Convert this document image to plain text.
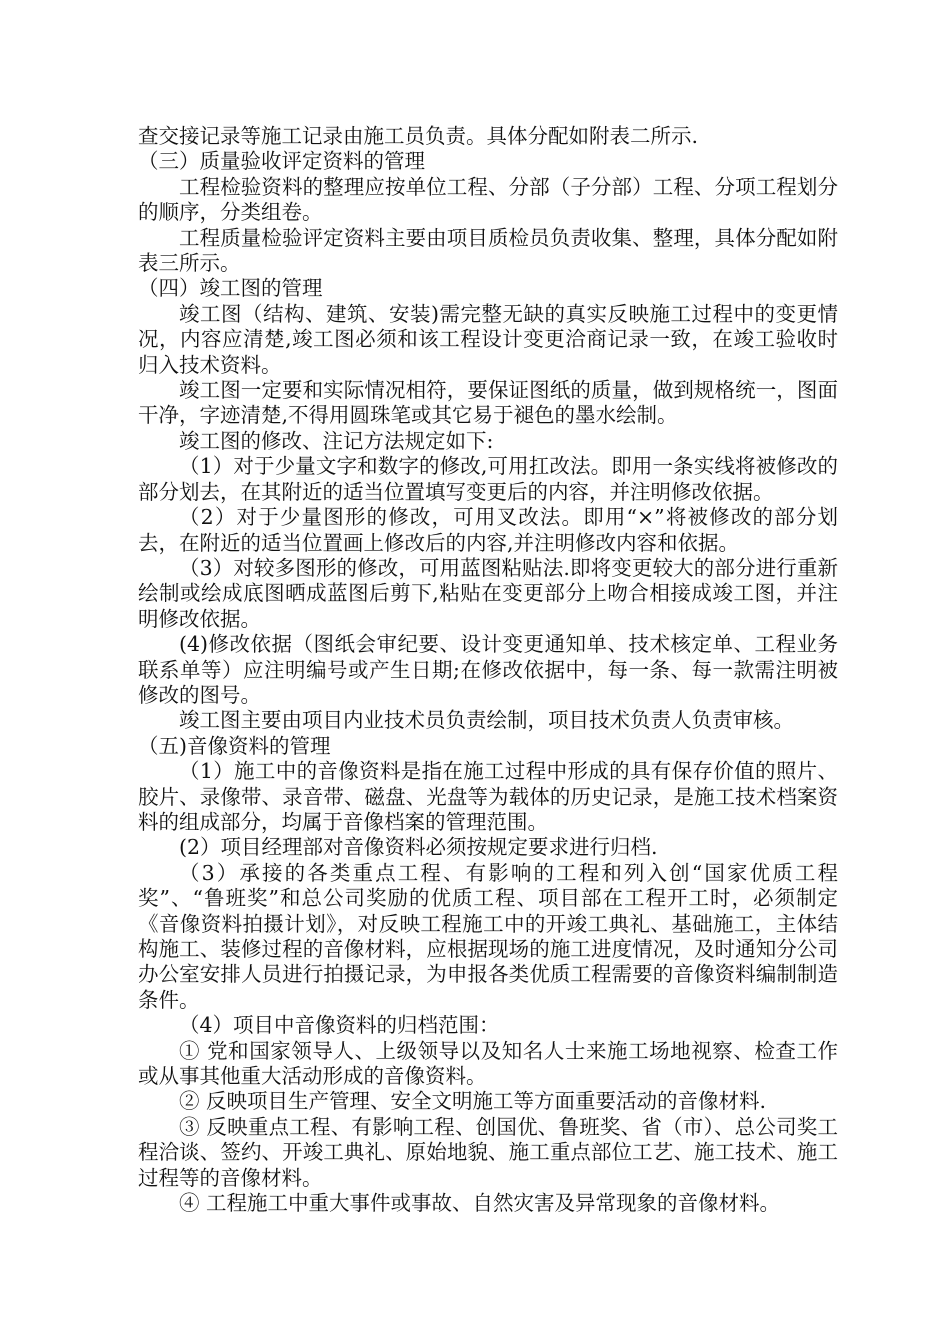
查交接记录等施工记录由施工员负责。具体分配如附表二所示.

（三）质量验收评定资料的管理

工程检验资料的整理应按单位工程、分部（子分部）工程、分项工程划分的顺序，分类组卷。

工程质量检验评定资料主要由项目质检员负责收集、整理，具体分配如附表三所示。

（四）竣工图的管理

竣工图（结构、建筑、安装)需完整无缺的真实反映施工过程中的变更情况，内容应清楚,竣工图必须和该工程设计变更洽商记录一致，在竣工验收时归入技术资料。

竣工图一定要和实际情况相符，要保证图纸的质量，做到规格统一，图面干净，字迹清楚,不得用圆珠笔或其它易于褪色的墨水绘制。

竣工图的修改、注记方法规定如下:

（1）对于少量文字和数字的修改,可用扛改法。即用一条实线将被修改的部分划去，在其附近的适当位置填写变更后的内容，并注明修改依据。

（2）对于少量图形的修改，可用叉改法。即用“×”将被修改的部分划去，在附近的适当位置画上修改后的内容,并注明修改内容和依据。

（3）对较多图形的修改，可用蓝图粘贴法.即将变更较大的部分进行重新绘制或绘成底图晒成蓝图后剪下,粘贴在变更部分上吻合相接成竣工图，并注明修改依据。

(4)修改依据（图纸会审纪要、设计变更通知单、技术核定单、工程业务联系单等）应注明编号或产生日期;在修改依据中，每一条、每一款需注明被修改的图号。

竣工图主要由项目内业技术员负责绘制，项目技术负责人负责审核。

（五)音像资料的管理

（1）施工中的音像资料是指在施工过程中形成的具有保存价值的照片、胶片、录像带、录音带、磁盘、光盘等为载体的历史记录，是施工技术档案资料的组成部分，均属于音像档案的管理范围。

(2）项目经理部对音像资料必须按规定要求进行归档.

（3）承接的各类重点工程、有影响的工程和列入创“国家优质工程奖”、“鲁班奖”和总公司奖励的优质工程、项目部在工程开工时，必须制定《音像资料拍摄计划》，对反映工程施工中的开竣工典礼、基础施工，主体结构施工、装修过程的音像材料，应根据现场的施工进度情况，及时通知分公司办公室安排人员进行拍摄记录，为申报各类优质工程需要的音像资料编制制造条件。

（4）项目中音像资料的归档范围：

① 党和国家领导人、上级领导以及知名人士来施工场地视察、检查工作或从事其他重大活动形成的音像资料。

② 反映项目生产管理、安全文明施工等方面重要活动的音像材料.

③ 反映重点工程、有影响工程、创国优、鲁班奖、省（市）、总公司奖工程洽谈、签约、开竣工典礼、原始地貌、施工重点部位工艺、施工技术、施工过程等的音像材料。

④ 工程施工中重大事件或事故、自然灾害及异常现象的音像材料。
